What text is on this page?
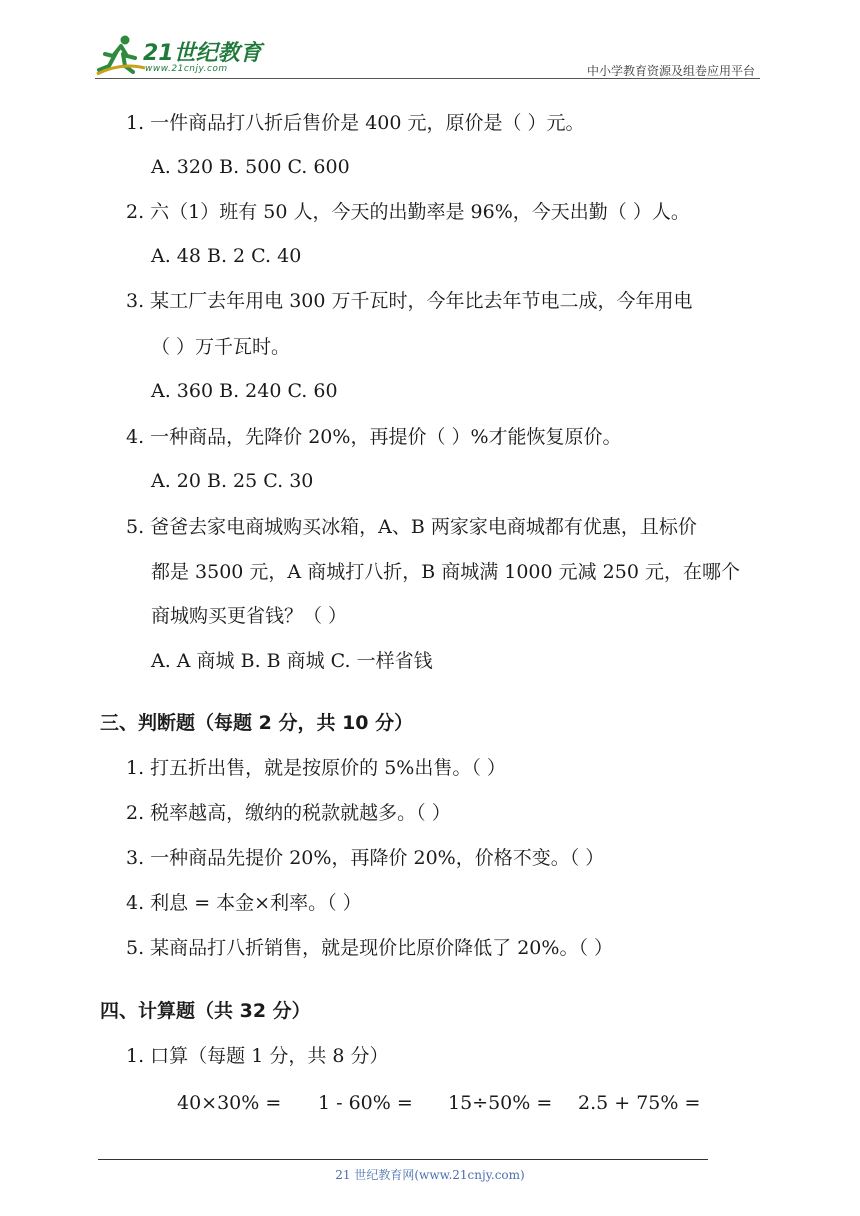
21世纪教育
www.21cnjy.com	中小学教育资源及组卷应用平台
1. 一件商品打八折后售价是 400 元，原价是（ ）元。
A. 320 B. 500 C. 600
2. 六（1）班有 50 人，今天的出勤率是 96%，今天出勤（ ）人。
A. 48 B. 2 C. 40
3. 某工厂去年用电 300 万千瓦时，今年比去年节电二成，今年用电
（ ）万千瓦时。
A. 360 B. 240 C. 60
4. 一种商品，先降价 20%，再提价（ ）%才能恢复原价。
A. 20 B. 25 C. 30
5. 爸爸去家电商城购买冰箱，A、B 两家家电商城都有优惠，且标价
都是 3500 元，A 商城打八折，B 商城满 1000 元减 250 元，在哪个
商城购买更省钱？（ ）
A. A 商城 B. B 商城 C. 一样省钱
三、判断题（每题 2 分，共 10 分）
1. 打五折出售，就是按原价的 5%出售。（ ）
2. 税率越高，缴纳的税款就越多。（ ）
3. 一种商品先提价 20%，再降价 20%，价格不变。（ ）
4. 利息 = 本金×利率。（ ）
5. 某商品打八折销售，就是现价比原价降低了 20%。（ ）
四、计算题（共 32 分）
1. 口算（每题 1 分，共 8 分）
40×30% = 1 - 60% = 15÷50% = 2.5 + 75% =
21 世纪教育网(www.21cnjy.com)
